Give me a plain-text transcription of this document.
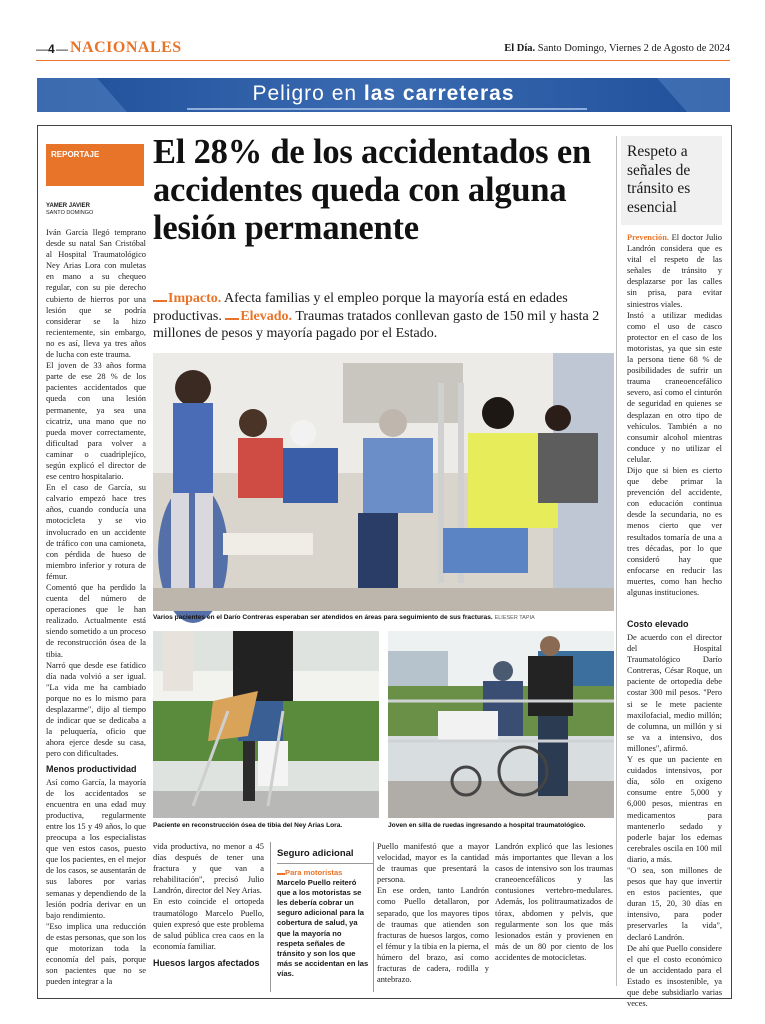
— 4 — NACIONALES	El Día. Santo Domingo, Viernes 2 de Agosto de 2024
Peligro en las carreteras
REPORTAJE
YAMER JAVIER
SANTO DOMINGO
El 28% de los accidentados en accidentes queda con alguna lesión permanente
Impacto. Afecta familias y el empleo porque la mayoría está en edades productivas. Elevado. Traumas tratados conllevan gasto de 150 mil y hasta 2 millones de pesos y mayoría pagado por el Estado.

Iván García llegó temprano desde su natal San Cristóbal al Hospital Traumatológico Ney Arias Lora con muletas en mano a su chequeo regular, con su pie derecho cubierto de hierros por una lesión que se podría considerar se la hizo recientemente, sin embargo, no es así, lleva ya tres años de lucha con este trauma.

El joven de 33 años forma parte de ese 28 % de los pacientes accidentados que queda con una lesión permanente, ya sea una cicatriz, una mano que no pueda mover correctamente, dificultad para volver a caminar o cuadriplejíco, según explicó el director de ese centro hospitalario.

En el caso de García, su calvario empezó hace tres años, cuando conducía una motocicleta y se vio involucrado en un accidente de tráfico con una camioneta, con pérdida de hueso de miembro inferior y rotura de fémur.

Comentó que ha perdido la cuenta del número de operaciones que le han realizado. Actualmente está siendo sometido a un proceso de reconstrucción ósea de la tibia.

Narró que desde ese fatídico día nada volvió a ser igual. "La vida me ha cambiado porque no es lo mismo para desplazarme", dijo al tiempo de indicar que se dedicaba a la peluquería, oficio que ahora ejerce desde su casa, pero con dificultades.

Menos productividad

Así como García, la mayoría de los accidentados se encuentra en una edad muy productiva, regularmente entre los 15 y 49 años, lo que preocupa a los especialistas que ven estos casos, puesto que los pacientes, en el mejor de los casos, se ausentarán de sus labores por varias semanas y dependiendo de la lesión podría derivar en un bajo rendimiento.

"Eso implica una reducción de estas personas, que son los que motorizan toda la economía del país, porque son pacientes que no se pueden integrar a la

Varios pacientes en el Darío Contreras esperaban ser atendidos en áreas para seguimiento de sus fracturas. ELIESER TAPIA
Paciente en reconstrucción ósea de tibia del Ney Arias Lora.	Joven en silla de ruedas ingresando a hospital traumatológico.

vida productiva, no menor a 45 días después de tener una fractura y que van a rehabilitación", precisó Julio Landrón, director del Ney Arias.

En esto coincide el ortopeda traumatólogo Marcelo Puello, quien expresó que este problema de salud pública crea caos en la economía familiar.

Huesos largos afectados
Seguro adicional
Para motoristas
Marcelo Puello reiteró que a los motoristas se les debería cobrar un seguro adicional para la cobertura de salud, ya que la mayoría no respeta señales de tránsito y son los que más se accidentan en las vías.

Puello manifestó que a mayor velocidad, mayor es la cantidad de traumas que presentará la persona.

En ese orden, tanto Landrón como Puello detallaron, por separado, que los mayores tipos de traumas que atienden son fracturas de huesos largos, como el fémur y la tibia en la pierna, el húmero del brazo, así como fracturas de cadera, rodilla y antebrazo.

Landrón explicó que las lesiones más importantes que llevan a los casos de intensivo son los traumas craneoencefálicos y las contusiones vertebro-medulares. Además, los politraumatizados de tórax, abdomen y pelvis, que regularmente son los que más lesionados están y provienen en más de un 80 por ciento de los accidentes de motocicletas.

Respeto a señales de tránsito es esencial

Prevención. El doctor Julio Landrón considera que es vital el respeto de las señales de tránsito y desplazarse por las calles sin prisa, para evitar siniestros viales.

Instó a utilizar medidas como el uso de casco protector en el caso de los motoristas, ya que sin este la persona tiene 68 % de posibilidades de sufrir un trauma craneoencefálico severo, así como el cinturón de seguridad en quienes se desplazan en otro tipo de vehículos. También a no consumir alcohol mientras conduce y no utilizar el celular.

Dijo que si bien es cierto que debe primar la prevención del accidente, con educación continua desde la secundaria, no es menos cierto que ver resultados tomaría de una a tres décadas, por lo que consideró hay que enfocarse en reducir las muertes, como han hecho algunas instituciones.

Costo elevado

De acuerdo con el director del Hospital Traumatológico Darío Contreras, César Roque, un paciente de ortopedia debe costar 300 mil pesos. "Pero si se le mete paciente maxilofacial, medio millón; de columna, un millón y si se va a intensivo, dos millones", afirmó.

Y es que un paciente en cuidados intensivos, por día, sólo en oxígeno consume entre 5,000 y 6,000 pesos, mientras en medicamentos para mantenerlo sedado y poderle bajar los edemas cerebrales oscila en 100 mil diario, a más.

"O sea, son millones de pesos que hay que invertir en estos pacientes, que duran 15, 20, 30 días en intensivo, para poder preservarles la vida", declaró Landrón.

De ahí que Puello considere el que el costo económico de un accidentado para el Estado es insostenible, ya que debe subsidiarlo varias veces.
